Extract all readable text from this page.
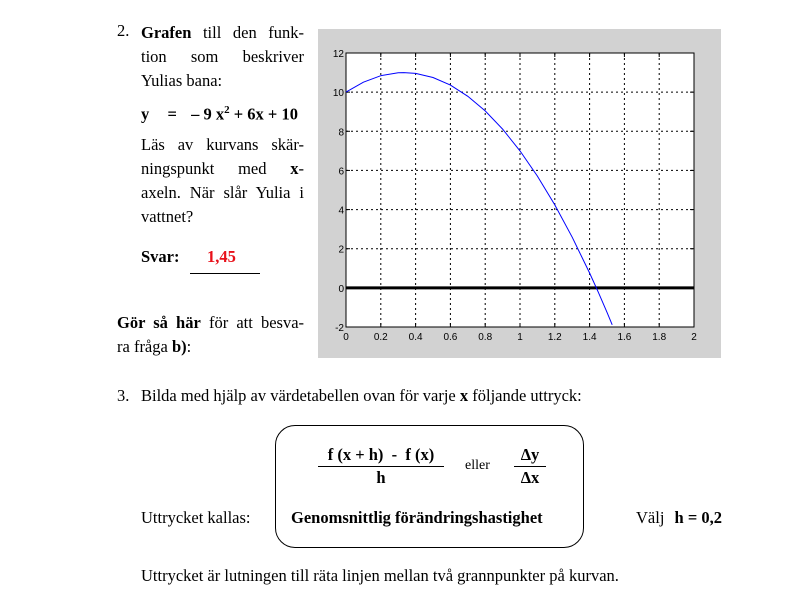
2. Grafen till den funk-
tion som beskriver
Yulias bana:
y = – 9 $x^2 + 6x + 10$
Läs av kurvans skär-
ningspunkt med x-
axeln. När slår Yulia i
vattnet?
Svar: 1,45
Gör så här för att besva-
ra fråga b):	0	0.2 0.4 0.6 0.8	1	1.2 1.4 1.6 1.8	2
-2
0
2
4
6
8
10
12
3. Bilda med hjälp av värdetabellen ovan för varje x följande uttryck:
f (x + h)  -  f (x)
h
eller
Δy
Δx
Uttrycket kallas: Genomsnittlig förändringshastighet	Välj h = 0,2
Uttrycket är lutningen till räta linjen mellan två grannpunkter på kurvan.
